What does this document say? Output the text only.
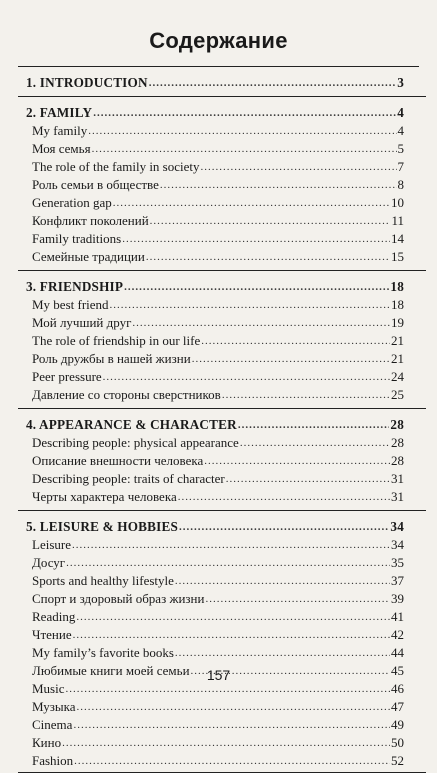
Содержание
1. INTRODUCTION .....	3
2. FAMILY .....	4
My family .....	4
Моя семья .....	5
The role of the family in society .....	7
Роль семьи в обществе .....	8
Generation gap .....	10
Конфликт поколений .....	11
Family traditions .....	14
Семейные традиции .....	15
3. FRIENDSHIP .....	18
My best friend .....	18
Мой лучший друг .....	19
The role of friendship in our life .....	21
Роль дружбы в нашей жизни .....	21
Peer pressure .....	24
Давление со стороны сверстников .....	25
4. APPEARANCE & CHARACTER .....	28
Describing people: physical appearance .....	28
Описание внешности человека .....	28
Describing people: traits of character .....	31
Черты характера человека .....	31
5. LEISURE & HOBBIES .....	34
Leisure .....	34
Досуг .....	35
Sports and healthy lifestyle .....	37
Спорт и здоровый образ жизни .....	39
Reading .....	41
Чтение .....	42
My family’s favorite books .....	44
Любимые книги моей семьи .....	45
Music .....	46
Музыка .....	47
Cinema .....	49
Кино .....	50
Fashion .....	52
157
